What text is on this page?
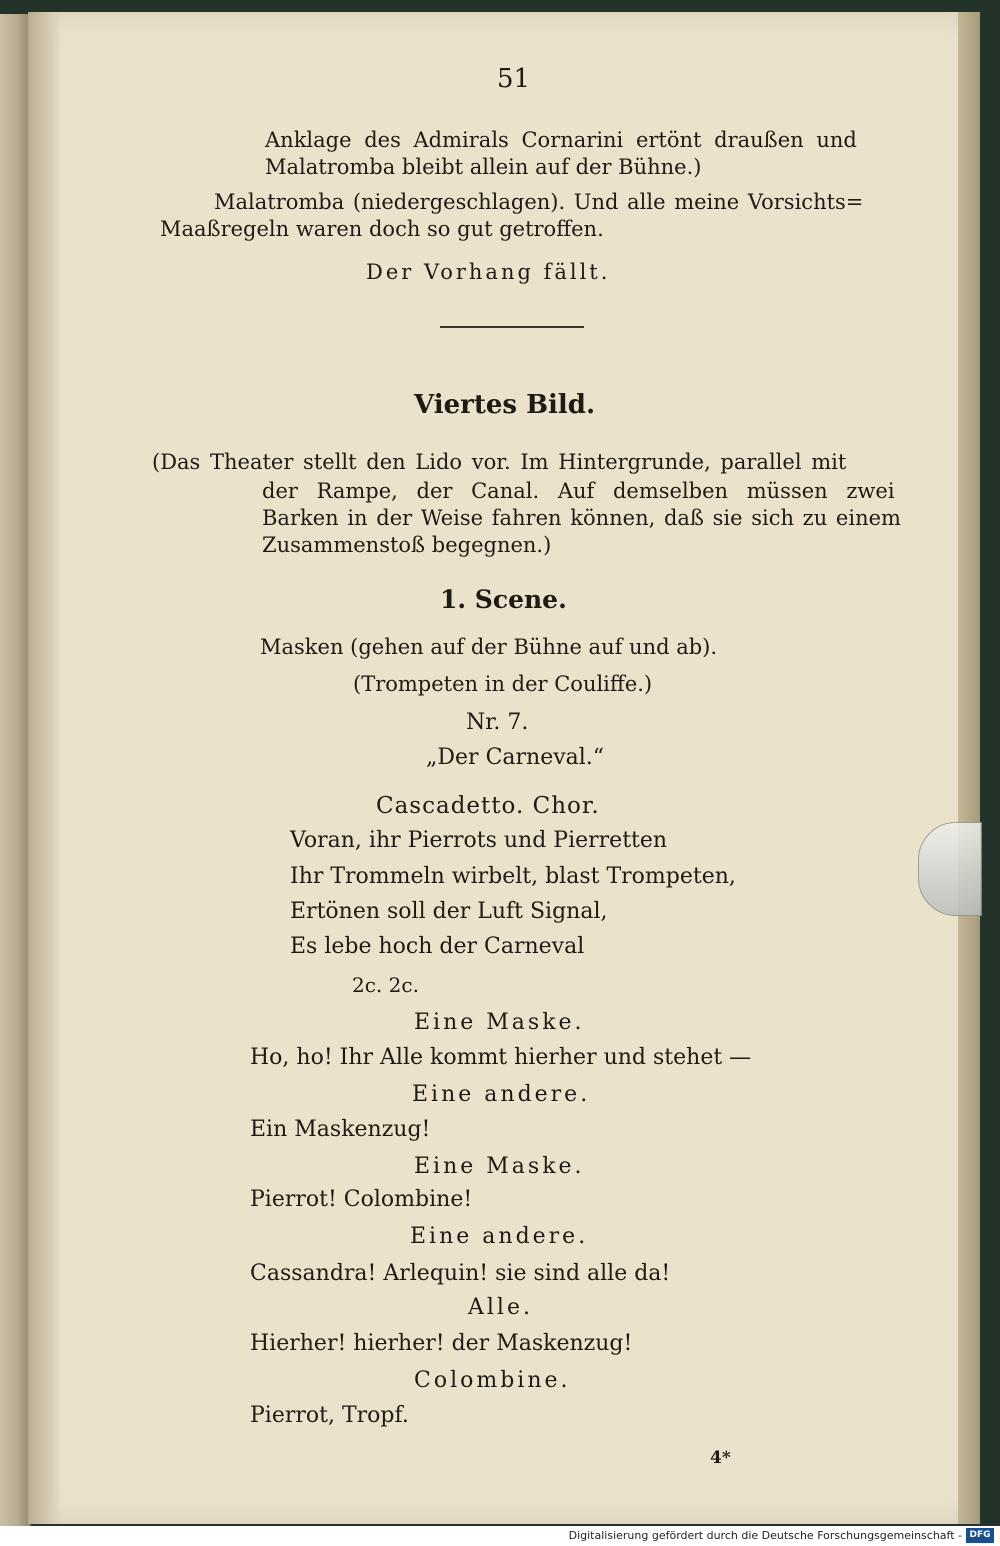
51
Anklage des Admirals Cornarini ertönt draußen und
Malatromba bleibt allein auf der Bühne.)
Malatromba (niedergeschlagen). Und alle meine Vorsichts=
Maaßregeln waren doch so gut getroffen.
Der Vorhang fällt.
Viertes Bild.
(Das Theater stellt den Lido vor. Im Hintergrunde, parallel mit
der Rampe, der Canal. Auf demselben müssen zwei
Barken in der Weise fahren können, daß sie sich zu einem
Zusammenstoß begegnen.)
1. Scene.
Masken (gehen auf der Bühne auf und ab).
(Trompeten in der Couliffe.)
Nr. 7.
„Der Carneval.“
Cascadetto. Chor.
Voran, ihr Pierrots und Pierretten
Ihr Trommeln wirbelt, blast Trompeten,
Ertönen soll der Luft Signal,
Es lebe hoch der Carneval
2c. 2c.
Eine Maske.
Ho, ho! Ihr Alle kommt hierher und stehet —
Eine andere.
Ein Maskenzug!
Eine Maske.
Pierrot! Colombine!
Eine andere.
Cassandra! Arlequin! sie sind alle da!
Alle.
Hierher! hierher! der Maskenzug!
Colombine.
Pierrot, Tropf.
4*
Digitalisierung gefördert durch die Deutsche Forschungsgemeinschaft - DFG
